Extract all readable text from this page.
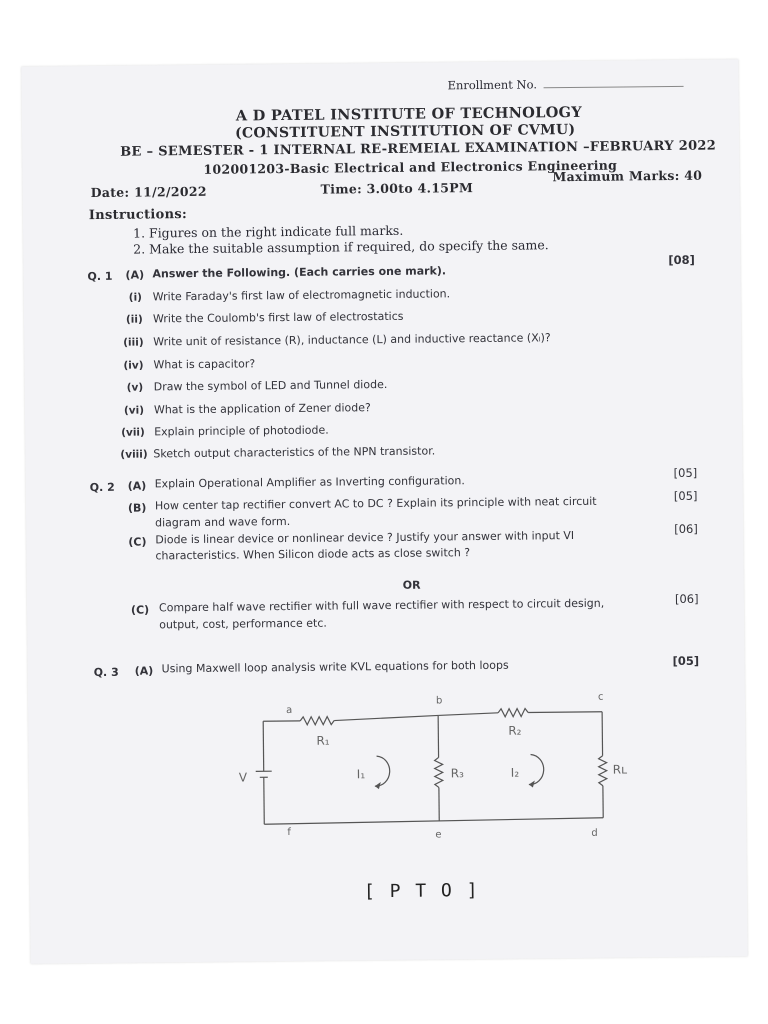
Enrollment No.
A D PATEL INSTITUTE OF TECHNOLOGY
(CONSTITUENT INSTITUTION OF CVMU)
BE – SEMESTER - 1 INTERNAL RE-REMEIAL EXAMINATION –FEBRUARY 2022
102001203-Basic Electrical and Electronics Engineering
Date: 11/2/2022	Time: 3.00to 4.15PM
Maximum Marks: 40
Instructions:
1. Figures on the right indicate full marks.
2. Make the suitable assumption if required, do specify the same.
Q. 1 (A) Answer the Following. (Each carries one mark).
[08]
(i) Write Faraday's first law of electromagnetic induction.
(ii) Write the Coulomb's first law of electrostatics
(iii) Write unit of resistance (R), inductance (L) and inductive reactance (Xₗ)?
(iv) What is capacitor?
(v) Draw the symbol of LED and Tunnel diode.
(vi) What is the application of Zener diode?
(vii) Explain principle of photodiode.
(viii) Sketch output characteristics of the NPN transistor.
Q. 2 (A) Explain Operational Amplifier as Inverting configuration.
[05]
(B) How center tap rectifier convert AC to DC ? Explain its principle with neat circuit
diagram and wave form.
[05]
(C) Diode is linear device or nonlinear device ? Justify your answer with input VI
characteristics. When Silicon diode acts as close switch ?
[06]
OR
(C) Compare half wave rectifier with full wave rectifier with respect to circuit design,
output, cost, performance etc.
[06]
Q. 3 (A) Using Maxwell loop analysis write KVL equations for both loops	[05]
a
b	c
d
e
f
R₁
R₂
R₃	Rʟ
V	I₁	I₂
[ P T O ]
